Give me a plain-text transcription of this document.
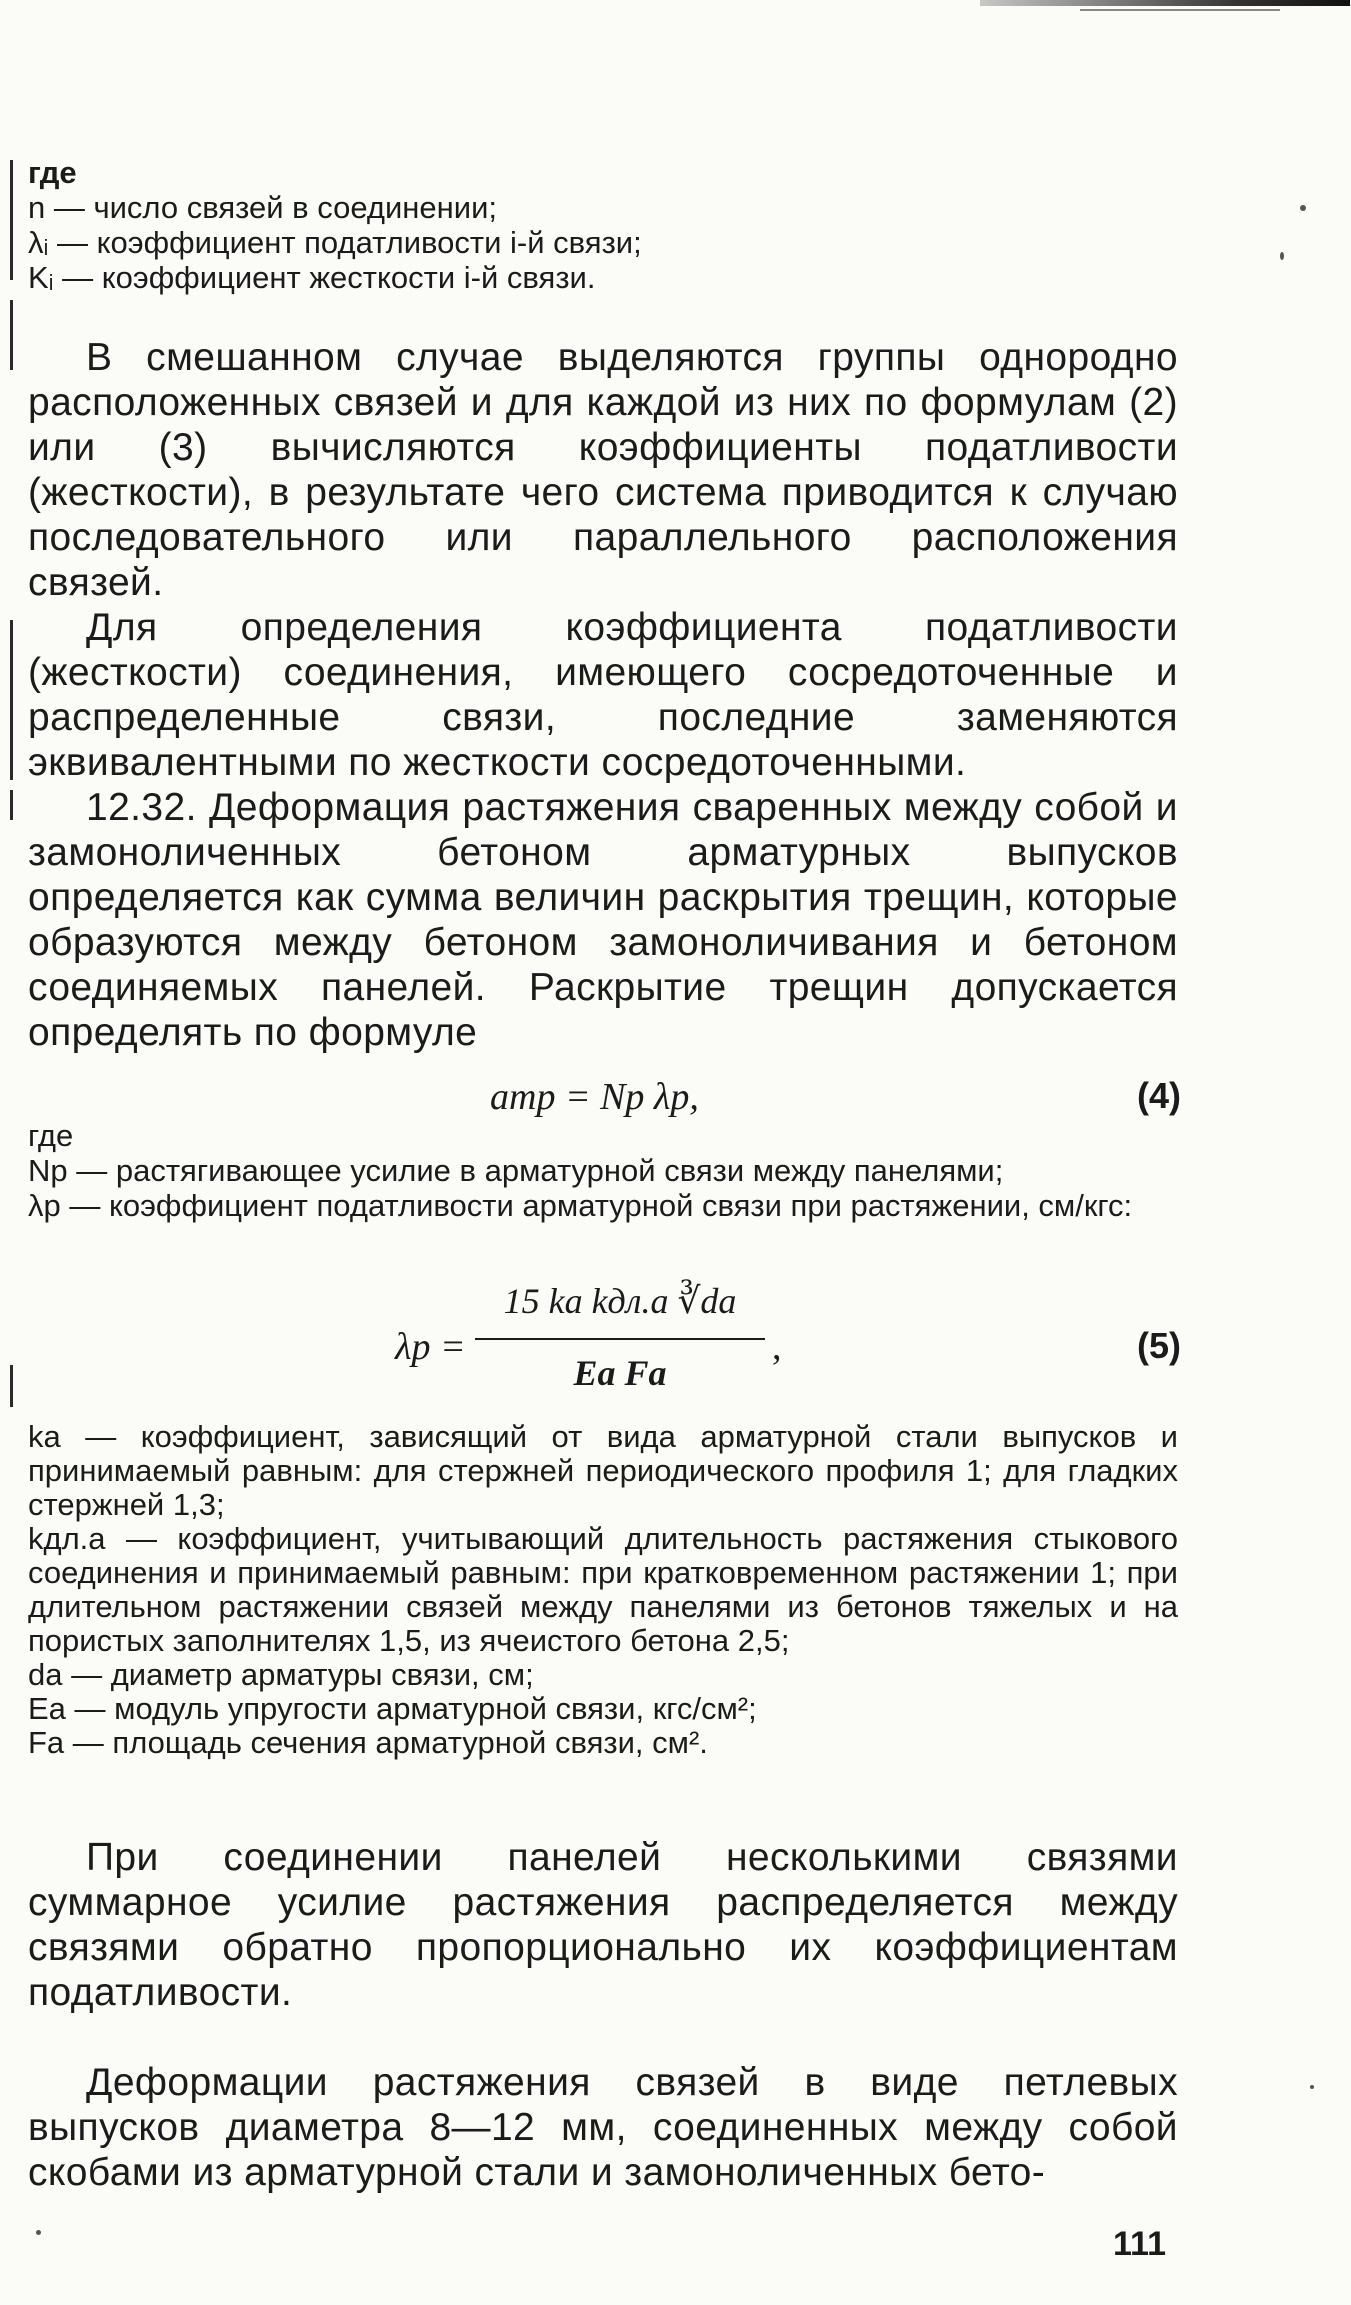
где

n — число связей в соединении;

λᵢ — коэффициент податливости i-й связи;

Kᵢ — коэффициент жесткости i-й связи.

В смешанном случае выделяются группы однородно расположенных связей и для каждой из них по формулам (2) или (3) вычисляются коэффициенты податливости (жесткости), в результате чего система приводится к случаю последовательного или параллельного расположения связей.

Для определения коэффициента податливости (жесткости) соединения, имеющего сосредоточенные и распределенные связи, последние заменяются эквивалентными по жесткости сосредоточенными.

12.32. Деформация растяжения сваренных между собой и замоноличенных бетоном арматурных выпусков определяется как сумма величин раскрытия трещин, которые образуются между бетоном замоноличивания и бетоном соединяемых панелей. Раскрытие трещин допускается определять по формуле

aтр = Nр λр,	(4)

где

Nр — растягивающее усилие в арматурной связи между панелями;

λр — коэффициент податливости арматурной связи при растяжении, см/кгс:

λр =
15 kа kдл.а ∛dа
Eа Fа
,	(5)

kа — коэффициент, зависящий от вида арматурной стали выпусков и принимаемый равным: для стержней периодического профиля 1; для гладких стержней 1,3;

kдл.а — коэффициент, учитывающий длительность растяжения стыкового соединения и принимаемый равным: при кратковременном растяжении 1; при длительном растяжении связей между панелями из бетонов тяжелых и на пористых заполнителях 1,5, из ячеистого бетона 2,5;

dа — диаметр арматуры связи, см;

Eа — модуль упругости арматурной связи, кгс/см²;

Fа — площадь сечения арматурной связи, см².

При соединении панелей несколькими связями суммарное усилие растяжения распределяется между связями обратно пропорционально их коэффициентам податливости.

Деформации растяжения связей в виде петлевых выпусков диаметра 8—12 мм, соединенных между собой скобами из арматурной стали и замоноличенных бето-

111
